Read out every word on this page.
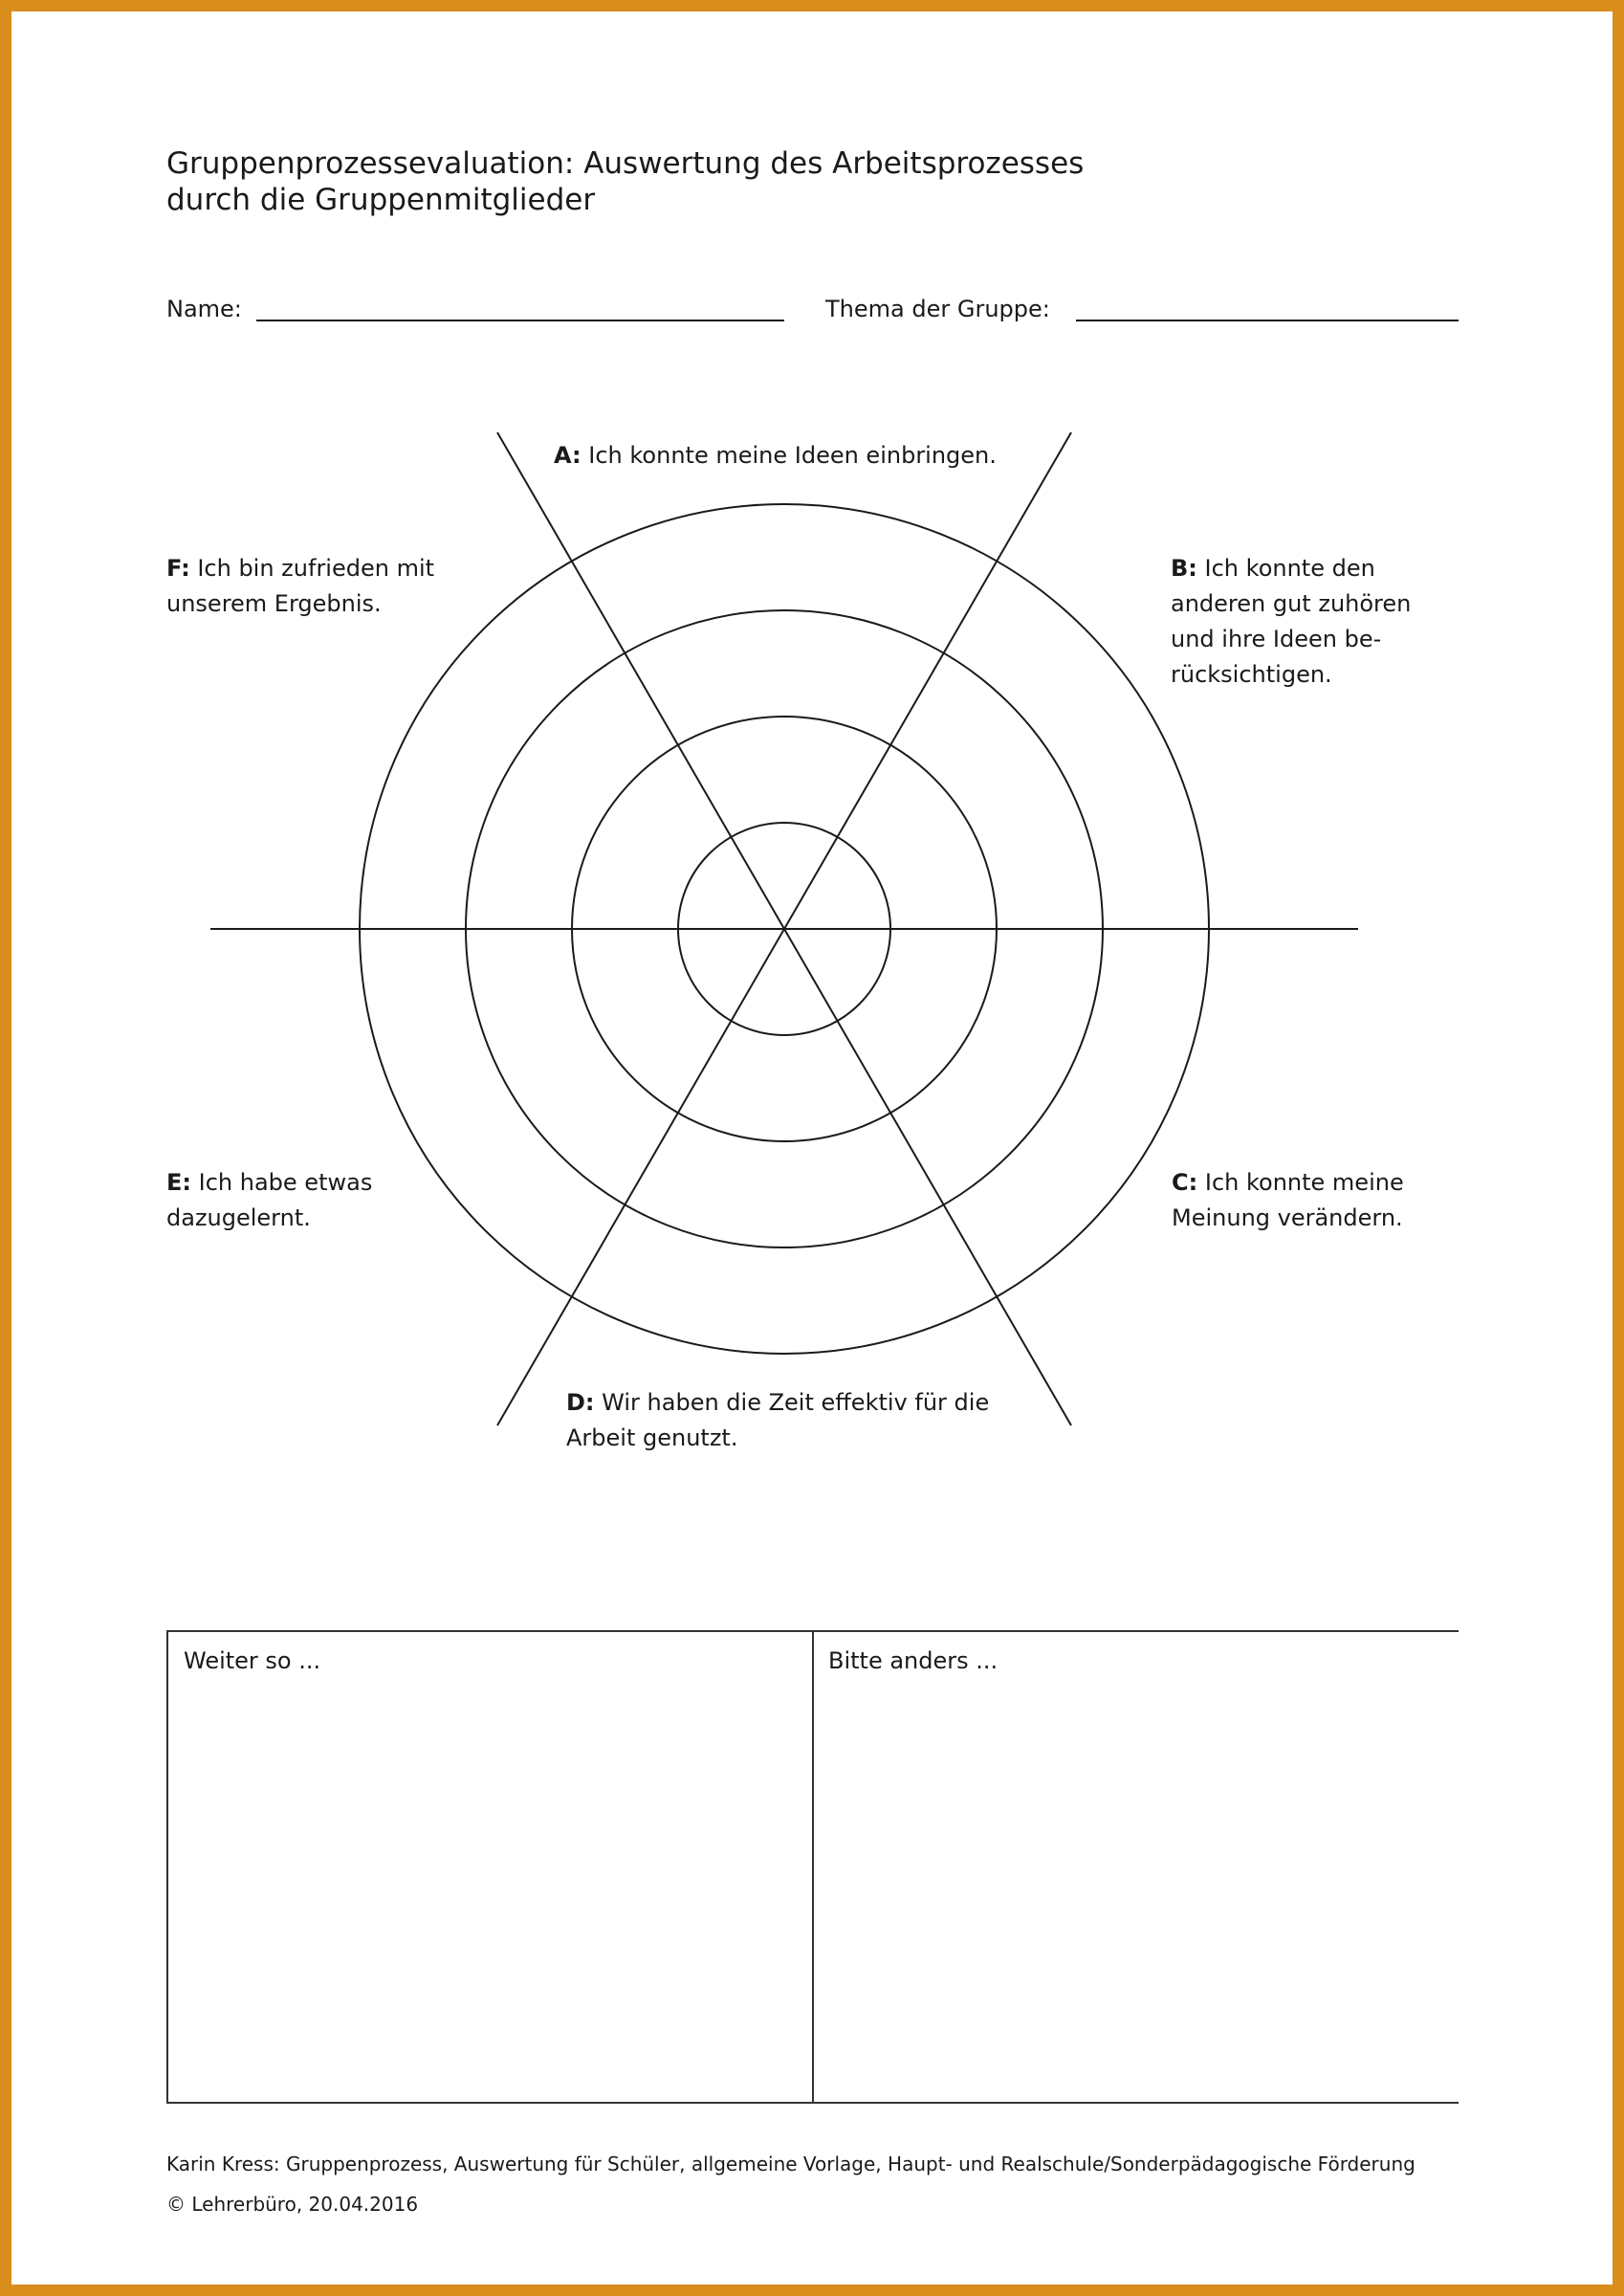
Gruppenprozessevaluation: Auswertung des Arbeitsprozesses
durch die Gruppenmitglieder
Name:	Thema der Gruppe:
A: Ich konnte meine Ideen einbringen.
B: Ich konnte den
anderen gut zuhören
und ihre Ideen be-
rücksichtigen.
C: Ich konnte meine
Meinung verändern.
D: Wir haben die Zeit effektiv für die
Arbeit genutzt.
E: Ich habe etwas
dazugelernt.
F: Ich bin zufrieden mit
unserem Ergebnis.
Weiter so ...	Bitte anders ...
Karin Kress: Gruppenprozess, Auswertung für Schüler, allgemeine Vorlage, Haupt- und Realschule/Sonderpädagogische Förderung
© Lehrerbüro, 20.04.2016
